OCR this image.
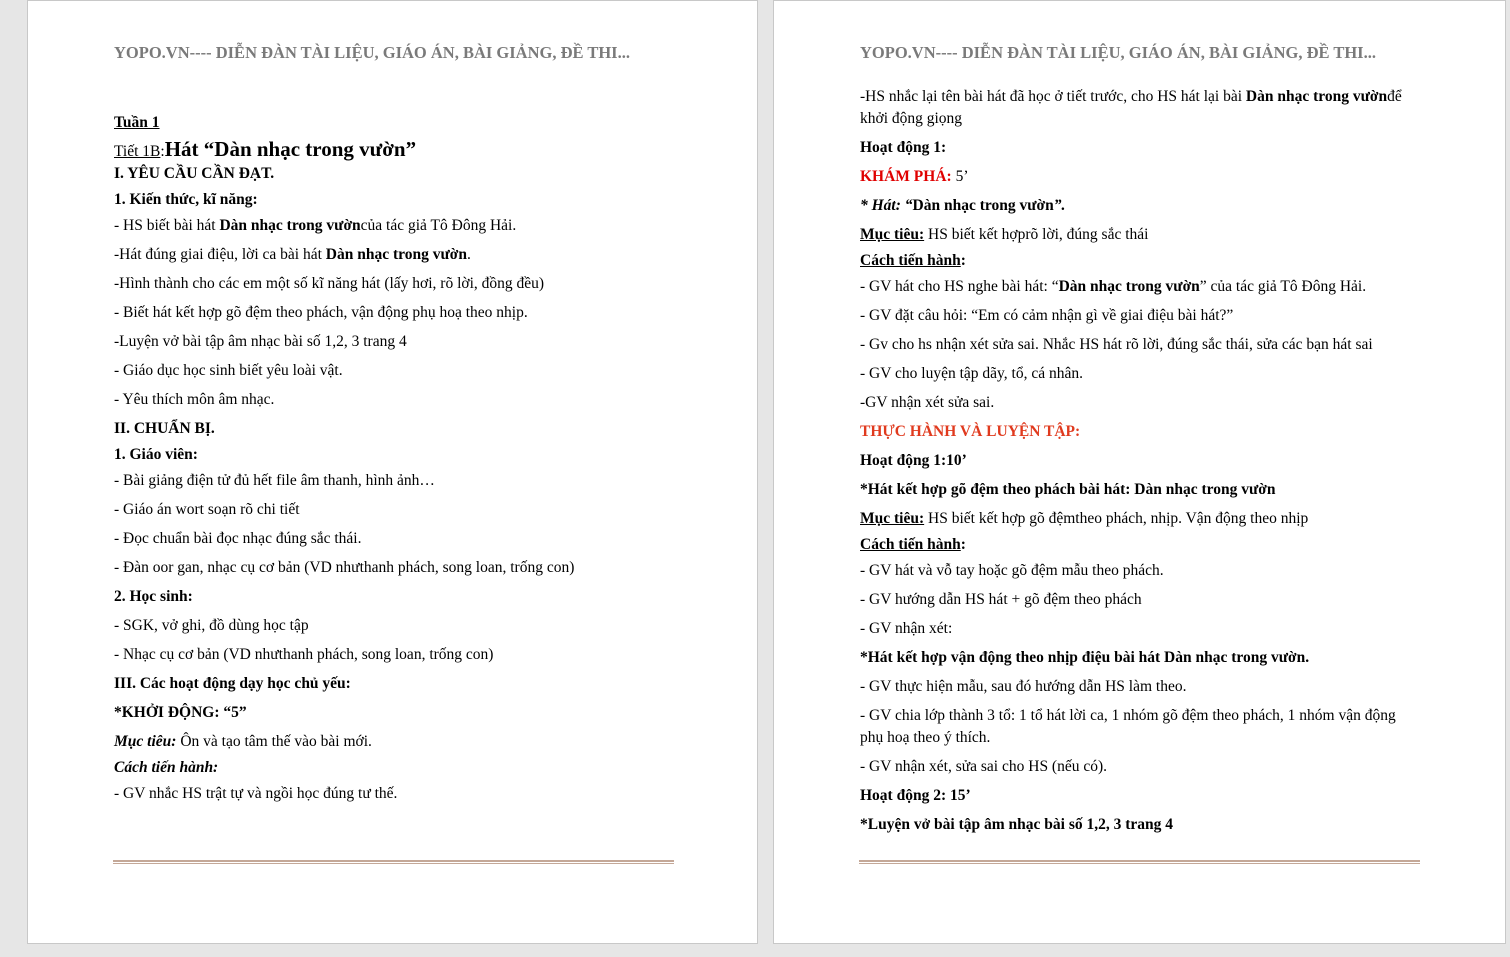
YOPO.VN---- DIỄN ĐÀN TÀI LIỆU, GIÁO ÁN, BÀI GIẢNG, ĐỀ THI...
Tuần 1
Tiết 1B:Hát “Dàn nhạc trong vườn”
I. YÊU CẦU CẦN ĐẠT.
1. Kiến thức, kĩ năng:
- HS biết bài hát Dàn nhạc trong vườncủa tác giả Tô Đông Hải.
-Hát đúng giai điệu, lời ca bài hát Dàn nhạc trong vườn.
-Hình thành cho các em một số kĩ năng hát (lấy hơi, rõ lời, đồng đều)
- Biết hát kết hợp gõ đệm theo phách, vận động phụ hoạ theo nhịp.
-Luyện vở bài tập âm nhạc bài số 1,2, 3 trang 4
- Giáo dục học sinh biết yêu loài vật.
- Yêu thích môn âm nhạc.
II. CHUẨN BỊ.
1. Giáo viên:
- Bài giảng điện tử đủ hết file âm thanh, hình ảnh…
- Giáo án wort soạn rõ chi tiết
- Đọc chuẩn bài đọc nhạc đúng sắc thái.
- Đàn oor gan, nhạc cụ cơ bản (VD nhưthanh phách, song loan, trống con)
2. Học sinh:
- SGK, vở ghi, đồ dùng học tập
- Nhạc cụ cơ bản (VD nhưthanh phách, song loan, trống con)
III. Các hoạt động dạy học chủ yếu:
*KHỞI ĐỘNG: “5”
Mục tiêu: Ôn và tạo tâm thế vào bài mới.
Cách tiến hành:
- GV nhắc HS trật tự và ngồi học đúng tư thế.
YOPO.VN---- DIỄN ĐÀN TÀI LIỆU, GIÁO ÁN, BÀI GIẢNG, ĐỀ THI...
-HS nhắc lại tên bài hát đã học ở tiết trước, cho HS hát lại bài Dàn nhạc trong vườnđể khởi động giọng
Hoạt động 1:
KHÁM PHÁ: 5’
* Hát: “Dàn nhạc trong vườn”.
Mục tiêu: HS biết kết hợprõ lời, đúng sắc thái
Cách tiến hành:
- GV hát cho HS nghe bài hát: “Dàn nhạc trong vườn” của tác giả Tô Đông Hải.
- GV đặt câu hỏi: “Em có cảm nhận gì về giai điệu bài hát?”
- Gv cho hs nhận xét sửa sai. Nhắc HS hát rõ lời, đúng sắc thái, sửa các bạn hát sai
- GV cho luyện tập dãy, tổ, cá nhân.
-GV nhận xét sửa sai.
THỰC HÀNH VÀ LUYỆN TẬP:
Hoạt động 1:10’
*Hát kết hợp gõ đệm theo phách bài hát: Dàn nhạc trong vườn
Mục tiêu: HS biết kết hợp gõ đệmtheo phách, nhịp. Vận động theo nhịp
Cách tiến hành:
- GV hát và vỗ tay hoặc gõ đệm mẫu theo phách.
- GV hướng dẫn HS hát + gõ đệm theo phách
- GV nhận xét:
*Hát kết hợp vận động theo nhịp điệu bài hát Dàn nhạc trong vườn.
- GV thực hiện mẫu, sau đó hướng dẫn HS làm theo.
- GV chia lớp thành 3 tổ: 1 tổ hát lời ca, 1 nhóm gõ đệm theo phách, 1 nhóm vận động phụ hoạ theo ý thích.
- GV nhận xét, sửa sai cho HS (nếu có).
Hoạt động 2: 15’
*Luyện vở bài tập âm nhạc bài số 1,2, 3 trang 4
